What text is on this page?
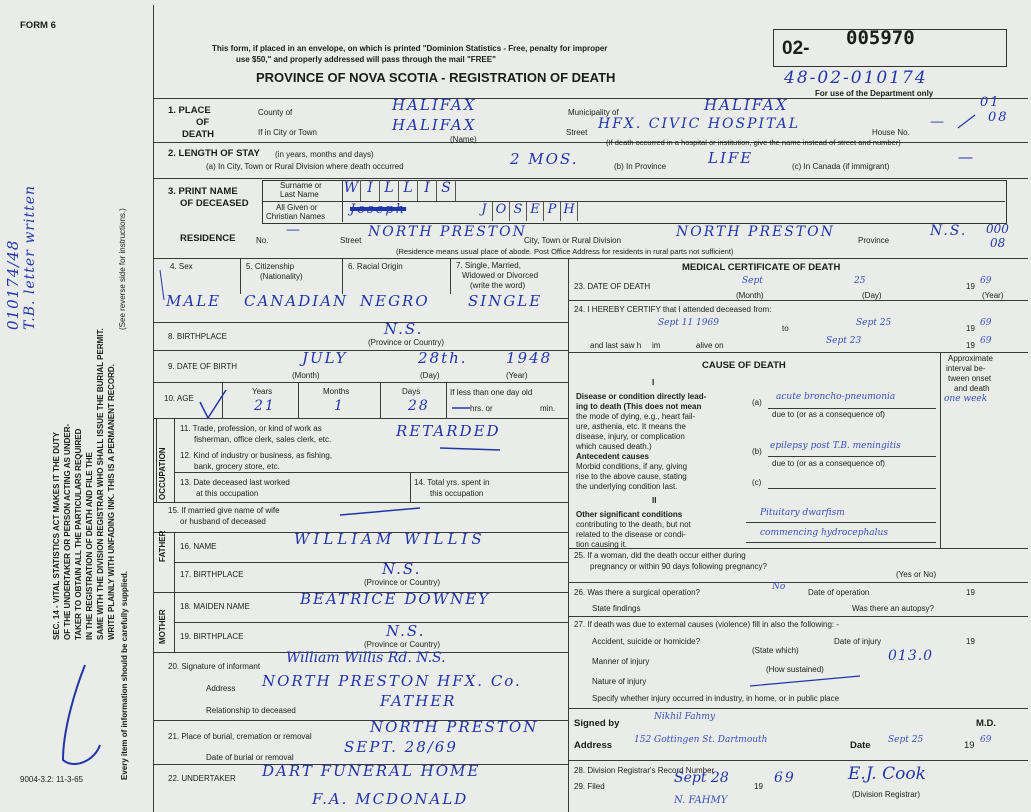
FORM 6
9004-3.2: 11-3-65
SEC. 14 - VITAL STATISTICS ACT MAKES IT THE DUTY OF THE UNDERTAKER OR PERSON ACTING AS UNDER- TAKER TO OBTAIN ALL THE PARTICULARS REQUIRED IN THE REGISTRATION OF DEATH AND FILE THE SAME WITH THE DIVISION REGISTRAR WHO SHALL ISSUE THE BURIAL PERMIT. WRITE PLAINLY WITH UNFADING INK. THIS IS A PERMANENT RECORD.
(See reverse side for instructions.)
Every item of information should be carefully supplied.
010174/48 T.B. letter written
This form, if placed in an envelope, on which is printed "Dominion Statistics - Free, penalty for improper
use $50," and properly addressed will pass through the mail "FREE"
PROVINCE OF NOVA SCOTIA - REGISTRATION OF DEATH
02- 005970
48-02-010174
For use of the Department only
1. PLACE
OF
DEATH
County of	HALIFAX	Municipality of	HALIFAX	01
If in City or Town	HALIFAX
(Name)
Street
HFX. CIVIC HOSPITAL
House No.
—	08
(If death occurred in a hospital or institution, give the name instead of street and number)
2. LENGTH OF STAY (in years, months and days)
(a) In City, Town or Rural Division where death occurred	2 MOS.	(b) In Province	LIFE	(c) In Canada (if immigrant)
—
3. PRINT NAME
OF DECEASED
Surname or
Last Name
All Given or
Christian Names
W I L L I S
Joseph	J O S E P H
RESIDENCE	No.
—
Street
NORTH PRESTON
City, Town or Rural Division
NORTH PRESTON
Province
N.S. 000
08
(Residence means usual place of abode. Post Office Address for residents in rural parts not sufficient)
4. Sex	5. Citizenship
(Nationality)
6. Racial Origin	7. Single, Married,
Widowed or Divorced
(write the word)
MALE CANADIAN NEGRO	SINGLE
8. BIRTHPLACE	N.S.
(Province or Country)
9. DATE OF BIRTH	JULY	28th.	1948
(Month)	(Day)	(Year)
10. AGE
Years	Months	Days
21	1	28
If less than one day old
hrs. or	min.
OCCUPATION
11. Trade, profession, or kind of work as
fisherman, office clerk, sales clerk, etc.	RETARDED
12. Kind of industry or business, as fishing,
bank, grocery store, etc.
13. Date deceased last worked
at this occupation
14. Total yrs. spent in
this occupation
15. If married give name of wife
or husband of deceased
FATHER 16. NAME	WILLIAM WILLIS
17. BIRTHPLACE	N.S.
(Province or Country)
MOTHER
18. MAIDEN NAME	BEATRICE DOWNEY
19. BIRTHPLACE	N.S.
(Province or Country)
20. Signature of informant
William Willis Rd. N.S.
Address NORTH PRESTON HFX. Co.
Relationship to deceased
FATHER
21. Place of burial, cremation or removal
NORTH PRESTON
Date of burial or removal
SEPT. 28/69
22. UNDERTAKER DART FUNERAL HOME
F.A. MCDONALD
MEDICAL CERTIFICATE OF DEATH
23. DATE OF DEATH
Sept	25
19
69
(Month)	(Day)	(Year)
24. I HEREBY CERTIFY that I attended deceased from:
Sept 11 1969
to
Sept 25
19
69
and last saw h im	alive on	Sept 23	19 69
CAUSE OF DEATH
Approximate
interval be-
tween onset
and death
I
Disease or condition directly lead-
ing to death (This does not mean
the mode of dying, e.g., heart fail-
ure, asthenia, etc. It means the
disease, injury, or complication
which caused death.)
(a)
acute broncho-pneumonia	one week
due to (or as a consequence of)
Antecedent causes
Morbid conditions, if any, giving
rise to the above cause, stating
the underlying condition last.
(b)
epilepsy post T.B. meningitis
due to (or as a consequence of)
(c)
II
Other significant conditions
contributing to the death, but not
related to the disease or condi-
tion causing it.
Pituitary dwarfism
commencing hydrocephalus
25. If a woman, did the death occur either during
pregnancy or within 90 days following pregnancy?
(Yes or No)
26. Was there a surgical operation?
No
Date of operation	19
State findings	Was there an autopsy?
27. If death was due to external causes (violence) fill in also the following: -
Accident, suicide or homicide?	Date of injury	19
(State which)
Manner of injury	013.0
(How sustained)
Nature of injury
Specify whether injury occurred in industry, in home, or in public place
Signed by
Nikhil Fahmy
M.D.
Address 152 Gottingen St. Dartmouth	Date Sept 25	19 69
28. Division Registrar's Record Number
29. Filed
Sept 28
19
69	E.J. Cook
(Division Registrar)
N. FAHMY
